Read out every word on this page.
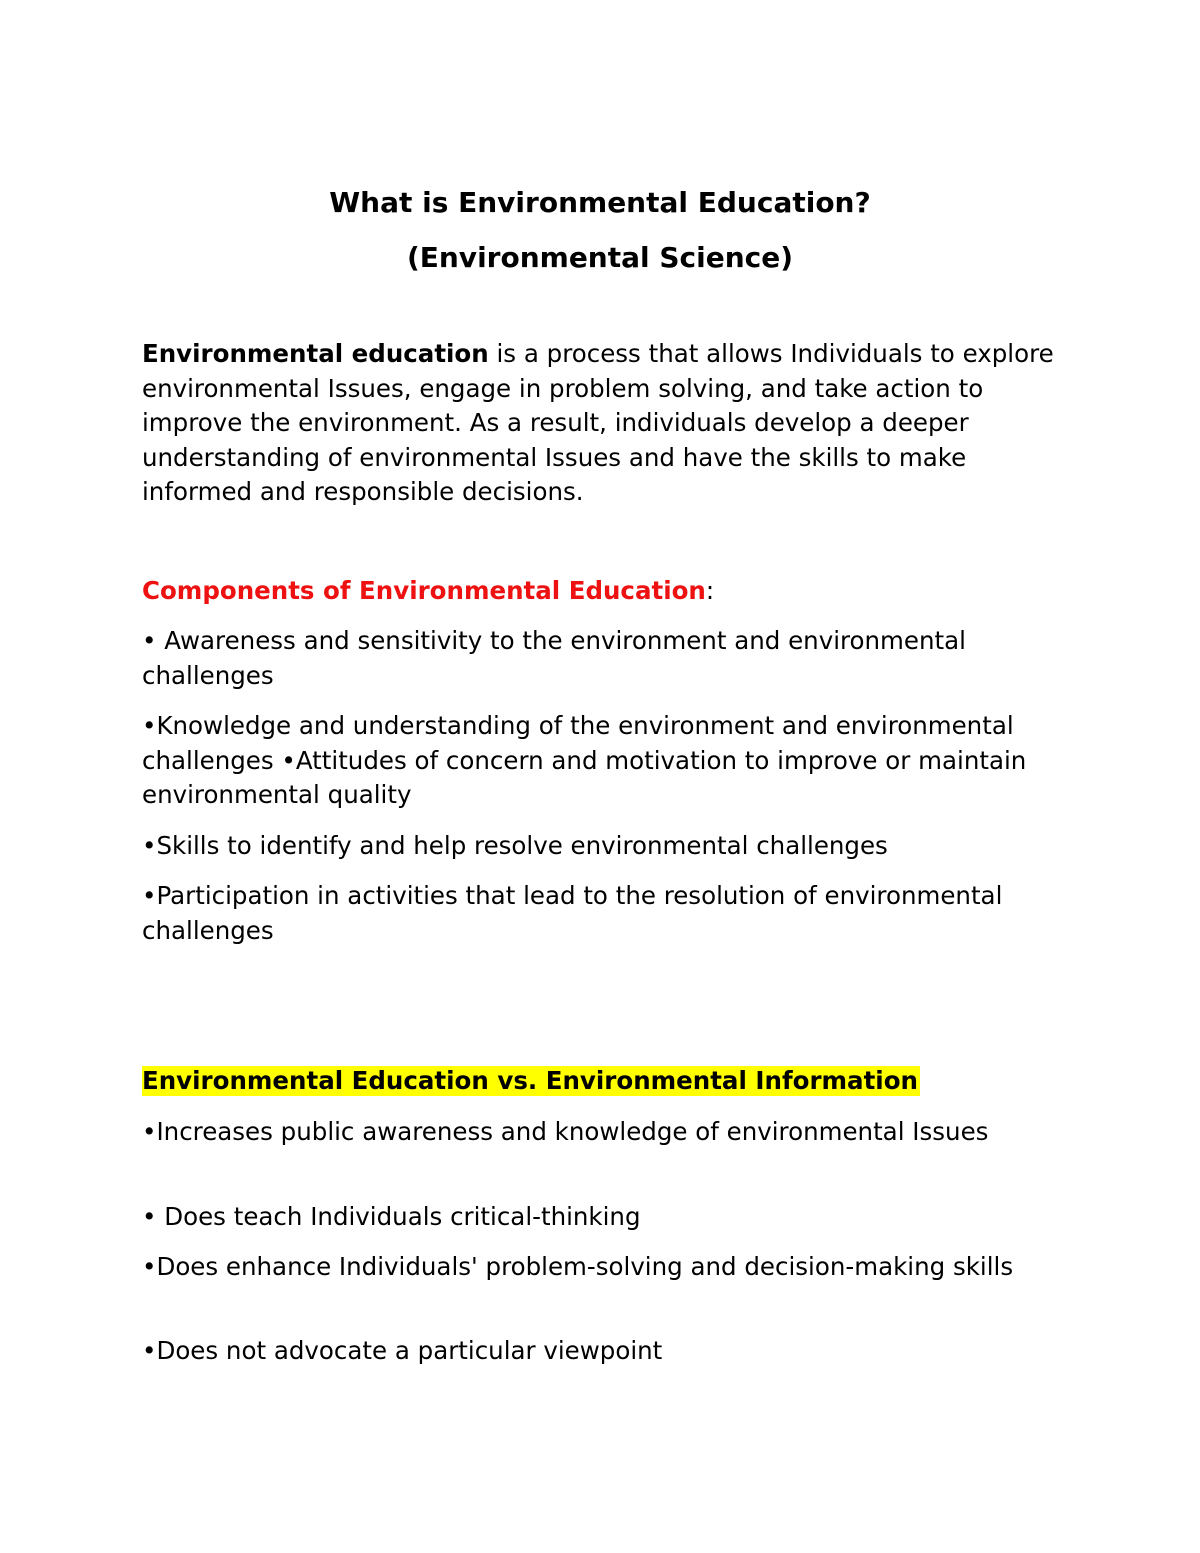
What is Environmental Education?
(Environmental Science)

Environmental education is a process that allows Individuals to explore environmental Issues, engage in problem solving, and take action to improve the environment. As a result, individuals develop a deeper understanding of environmental Issues and have the skills to make informed and responsible decisions.

Components of Environmental Education:

• Awareness and sensitivity to the environment and environmental challenges

•Knowledge and understanding of the environment and environmental challenges •Attitudes of concern and motivation to improve or maintain environmental quality

•Skills to identify and help resolve environmental challenges

•Participation in activities that lead to the resolution of environmental challenges

Environmental Education vs. Environmental Information

•Increases public awareness and knowledge of environmental Issues

• Does teach Individuals critical-thinking

•Does enhance Individuals' problem-solving and decision-making skills

•Does not advocate a particular viewpoint
